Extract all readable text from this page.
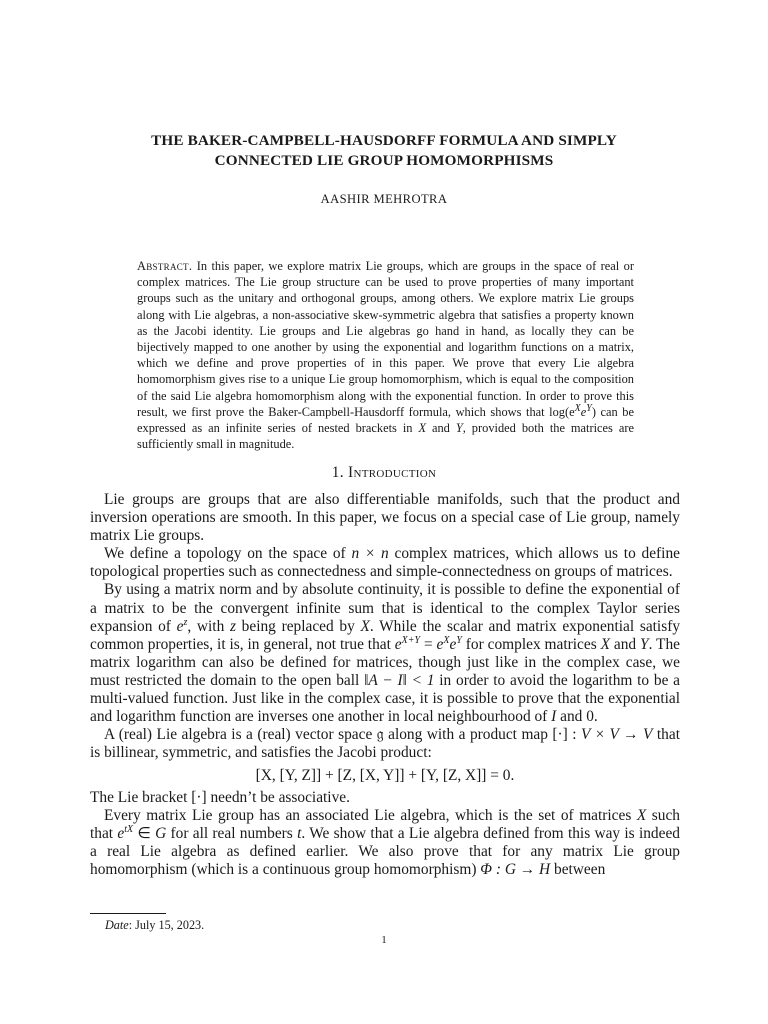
THE BAKER-CAMPBELL-HAUSDORFF FORMULA AND SIMPLY
CONNECTED LIE GROUP HOMOMORPHISMS
AASHIR MEHROTRA
Abstract. In this paper, we explore matrix Lie groups, which are groups in the space of real or complex matrices. The Lie group structure can be used to prove properties of many important groups such as the unitary and orthogonal groups, among others. We explore matrix Lie groups along with Lie algebras, a non-associative skew-symmetric algebra that satisfies a property known as the Jacobi identity. Lie groups and Lie algebras go hand in hand, as locally they can be bijectively mapped to one another by using the exponential and logarithm functions on a matrix, which we define and prove properties of in this paper. We prove that every Lie algebra homomorphism gives rise to a unique Lie group homomorphism, which is equal to the composition of the said Lie algebra homomorphism along with the exponential function. In order to prove this result, we first prove the Baker-Campbell-Hausdorff formula, which shows that $\log(e^Xe^Y)$ can be expressed as an infinite series of nested brackets in X and Y, provided both the matrices are sufficiently small in magnitude.
1. Introduction

Lie groups are groups that are also differentiable manifolds, such that the product and inversion operations are smooth. In this paper, we focus on a special case of Lie group, namely matrix Lie groups.

We define a topology on the space of n × n complex matrices, which allows us to define topological properties such as connectedness and simple-connectedness on groups of matrices.

By using a matrix norm and by absolute continuity, it is possible to define the exponential of a matrix to be the convergent infinite sum that is identical to the complex Taylor series expansion of $e^z$, with z being replaced by X. While the scalar and matrix exponential satisfy common properties, it is, in general, not true that $e^{X+Y} = e^Xe^Y$ for complex matrices X and Y. The matrix logarithm can also be defined for matrices, though just like in the complex case, we must restricted the domain to the open ball ‖A − I‖ < 1 in order to avoid the logarithm to be a multi-valued function. Just like in the complex case, it is possible to prove that the exponential and logarithm function are inverses one another in local neighbourhood of I and 0.

A (real) Lie algebra is a (real) vector space 𝔤 along with a product map [·] : V × V → V that is billinear, symmetric, and satisfies the Jacobi product:

[X, [Y, Z]] + [Z, [X, Y]] + [Y, [Z, X]] = 0.

The Lie bracket [·] needn’t be associative.

Every matrix Lie group has an associated Lie algebra, which is the set of matrices X such that $e^{tX}$ ∈ G for all real numbers t. We show that a Lie algebra defined from this way is indeed a real Lie algebra as defined earlier. We also prove that for any matrix Lie group homomorphism (which is a continuous group homomorphism) Φ : G → H between

Date: July 15, 2023.
1
